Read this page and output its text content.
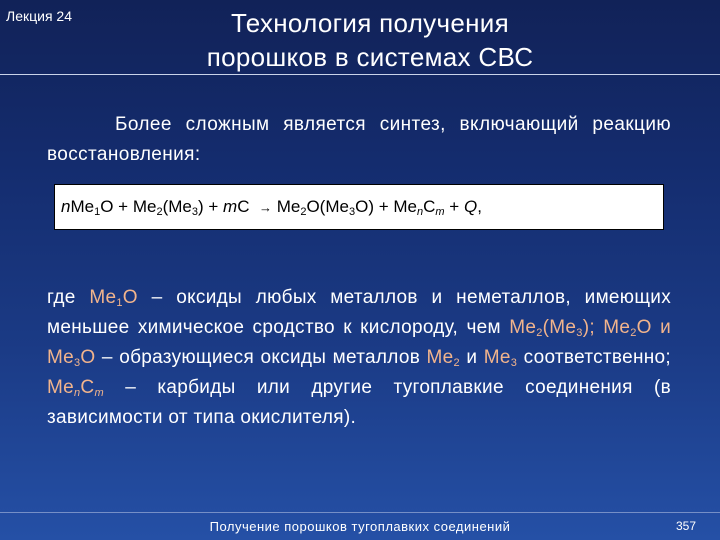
Лекция 24	Технология получения
порошков в системах СВС
Более сложным является синтез, включающий реакцию восстановления:
$nMe_1O + Me_2(Me_3)$ + mC → $Me_2O(Me_3O) + Me_nC_m + Q$,
где $Me_1O$ – оксиды любых металлов и неметаллов, имеющих меньшее химическое сродство к кислороду, чем $Me_2(Me_3)$; $Me_2O$ и $Me_3O$ – образующиеся оксиды металлов $Me_2$ и $Me_3$ соответственно; $Me_nC_m$ – карбиды или другие тугоплавкие соединения (в зависимости от типа окислителя).
Получение порошков тугоплавких соединений	357
